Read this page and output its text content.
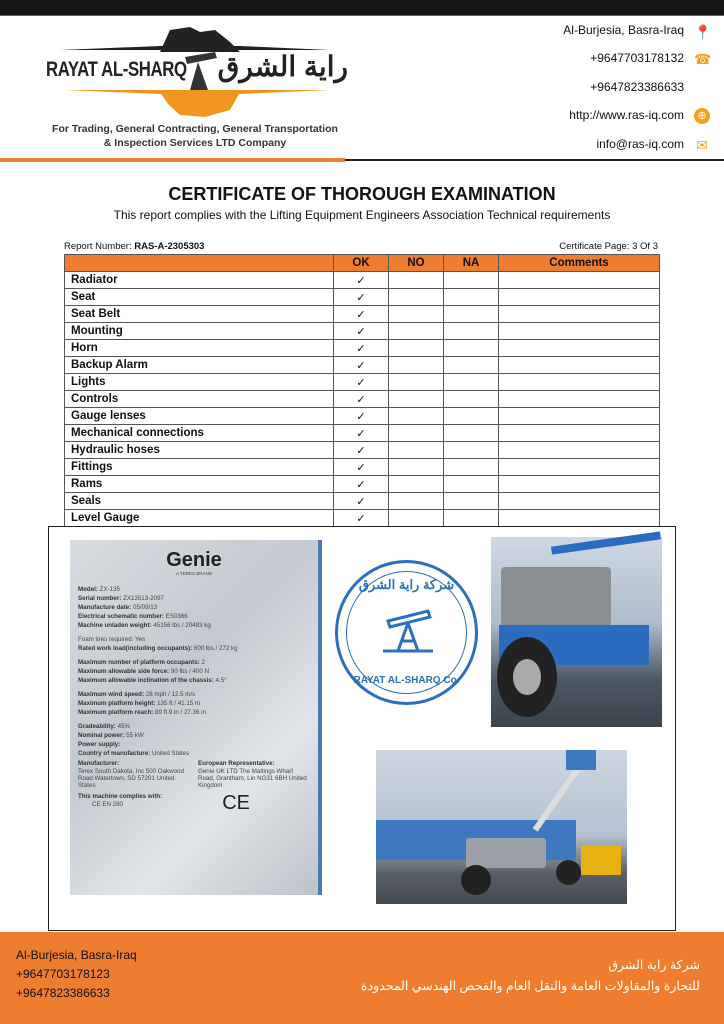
RAYAT AL-SHARQ راية الشرق
For Trading, General Contracting, General Transportation
& Inspection Services LTD Company
Al-Burjesia, Basra-Iraq
+9647703178132
+9647823386633
http://www.ras-iq.com
info@ras-iq.com
📍
☎
⊕
✉
CERTIFICATE OF THOROUGH EXAMINATION
This report complies with the Lifting Equipment Engineers Association Technical requirements
Report Number: RAS-A-2305303	Certificate Page: 3 Of 3
	OK	NO	NA	Comments
Radiator	✓			
Seat	✓			
Seat Belt	✓			
Mounting	✓			
Horn	✓			
Backup Alarm	✓			
Lights	✓			
Controls	✓			
Gauge lenses	✓			
Mechanical connections	✓			
Hydraulic hoses	✓			
Fittings	✓			
Rams	✓			
Seals	✓			
Level Gauge	✓			
Genie
A TEREX BRAND
Model: ZX-135
Serial number: ZX13513-2097
Manufacture date: 05/09/13
Electrical schematic number: ES0366
Machine unladen weight: 45156 lbs / 20483 kg
Foam tires required: Yes
Rated work load(including occupants): 600 lbs / 272 kg
Maximum number of platform occupants: 2
Maximum allowable side force: 90 lbs / 400 N
Maximum allowable inclination of the chassis: 4.5°
Maximum wind speed: 28 mph / 12.5 m/s
Maximum platform height: 135 ft / 41.15 m
Maximum platform reach: 89 ft 9 in / 27.36 m
Gradeability: 45%
Nominal power: 55 kW
Power supply:
Country of manufacture: United States
Manufacturer:
Terex South Dakota, Inc 500 Oakwood Road Watertown, SD 57201 United States
European Representative:
Genie UK LTD The Maltings Wharf Road, Grantham, Lin NG31 6BH United Kingdom
This machine complies with:
CE EN 280	CE
شركة راية الشرق
RAYAT AL-SHARQ Co.
Al-Burjesia, Basra-Iraq
+9647703178123
+9647823386633
شركة راية الشرق
للتجارة والمقاولات العامة والنقل العام والفحص الهندسي المحدودة
